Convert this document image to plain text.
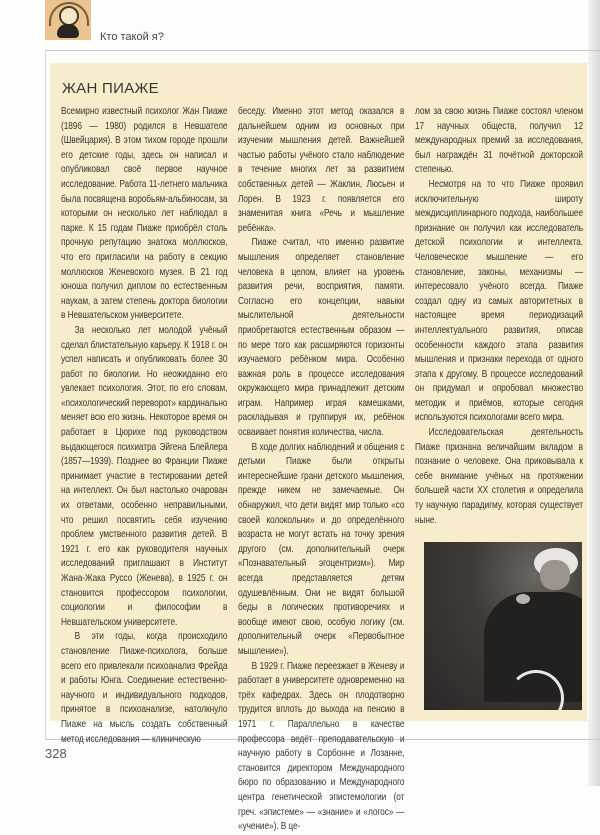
Кто такой я?
ЖАН ПИАЖЕ

Всемирно известный психолог Жан Пиаже (1896 — 1980) родился в Невшателе (Швейцария). В этом тихом городе прошли его детские годы, здесь он написал и опубликовал своё первое научное исследование. Работа 11-летнего мальчика была посвящена воробьям-альбиносам, за которыми он несколько лет наблюдал в парке. К 15 годам Пиаже приобрёл столь прочную репутацию знатока моллюсков, что его пригласили на работу в секцию моллюсков Женевского музея. В 21 год юноша получил диплом по естественным наукам, а затем степень доктора биологии в Невшательском университете.

За несколько лет молодой учёный сделал блистательную карьеру. К 1918 г. он успел написать и опубликовать более 30 работ по биологии. Но неожиданно его увлекает психология. Этот, по его словам, «психологический переворот» кардинально меняет всю его жизнь. Некоторое время он работает в Цюрихе под руководством выдающегося психиатра Эйгена Блейлера (1857—1939). Позднее во Франции Пиаже принимает участие в тестировании детей на интеллект. Он был настолько очарован их ответами, особенно неправильными, что решил посвятить себя изучению проблем умственного развития детей. В 1921 г. его как руководителя научных исследований приглашают в Институт Жана-Жака Руссо (Женева), в 1925 г. он становится профессором психологии, социологии и философии в Невшательском университете.

В эти годы, когда происходило становление Пиаже-психолога, больше всего его привлекали психоанализ Фрейда и работы Юнга. Соединение естественно-научного и индивидуального подходов, принятое в психоанализе, натолкнуло Пиаже на мысль создать собственный метод исследования — клиническую

беседу. Именно этот метод оказался в дальнейшем одним из основных при изучении мышления детей. Важнейшей частью работы учёного стало наблюдение в течение многих лет за развитием собственных детей — Жаклин, Люсьен и Лорен. В 1923 г. появляется его знаменитая книга «Речь и мышление ребёнка».

Пиаже считал, что именно развитие мышления определяет становление человека в целом, влияет на уровень развития речи, восприятия, памяти. Согласно его концепции, навыки мыслительной деятельности приобретаются естественным образом — по мере того как расширяются горизонты изучаемого ребёнком мира. Особенно важная роль в процессе исследования окружающего мира принадлежит детским играм. Например играя камешками, раскладывая и группируя их, ребёнок осваивает понятия количества, числа.

В ходе долгих наблюдений и общения с детьми Пиаже были открыты интереснейшие грани детского мышления, прежде никем не замечаемые. Он обнаружил, что дети видят мир только «со своей колокольни» и до определённого возраста не могут встать на точку зрения другого (см. дополнительный очерк «Познавательный эгоцентризм»). Мир всегда представляется детям одушевлённым. Они не видят большой беды в логических противоречиях и вообще имеют свою, особую логику (см. дополнительный очерк «Первобытное мышление»).

В 1929 г. Пиаже переезжает в Женеву и работает в университете одновременно на трёх кафедрах. Здесь он плодотворно трудится вплоть до выхода на пенсию в 1971 г. Параллельно в качестве профессора ведёт преподавательскую и научную работу в Сорбонне и Лозанне, становится директором Международного бюро по образованию и Международного центра генетической эпистемологии (от греч. «эпистеме» — «знание» и «логос» — «учение»). В це-

лом за свою жизнь Пиаже состоял членом 17 научных обществ, получил 12 международных премий за исследования, был награждён 31 почётной докторской степенью.

Несмотря на то что Пиаже проявил исключительную широту междисциплинарного подхода, наибольшее признание он получил как исследователь детской психологии и интеллекта. Человеческое мышление — его становление, законы, механизмы — интересовало учёного всегда. Пиаже создал одну из самых авторитетных в настоящее время периодизаций интеллектуального развития, описав особенности каждого этапа развития мышления и признаки перехода от одного этапа к другому. В процессе исследований он придумал и опробовал множество методик и приёмов, которые сегодня используются психологами всего мира.

Исследовательская деятельность Пиаже признана величайшим вкладом в познание о человеке. Она приковывала к себе внимание учёных на протяжении большей части XX столетия и определила ту научную парадигму, которая существует ныне.

328
